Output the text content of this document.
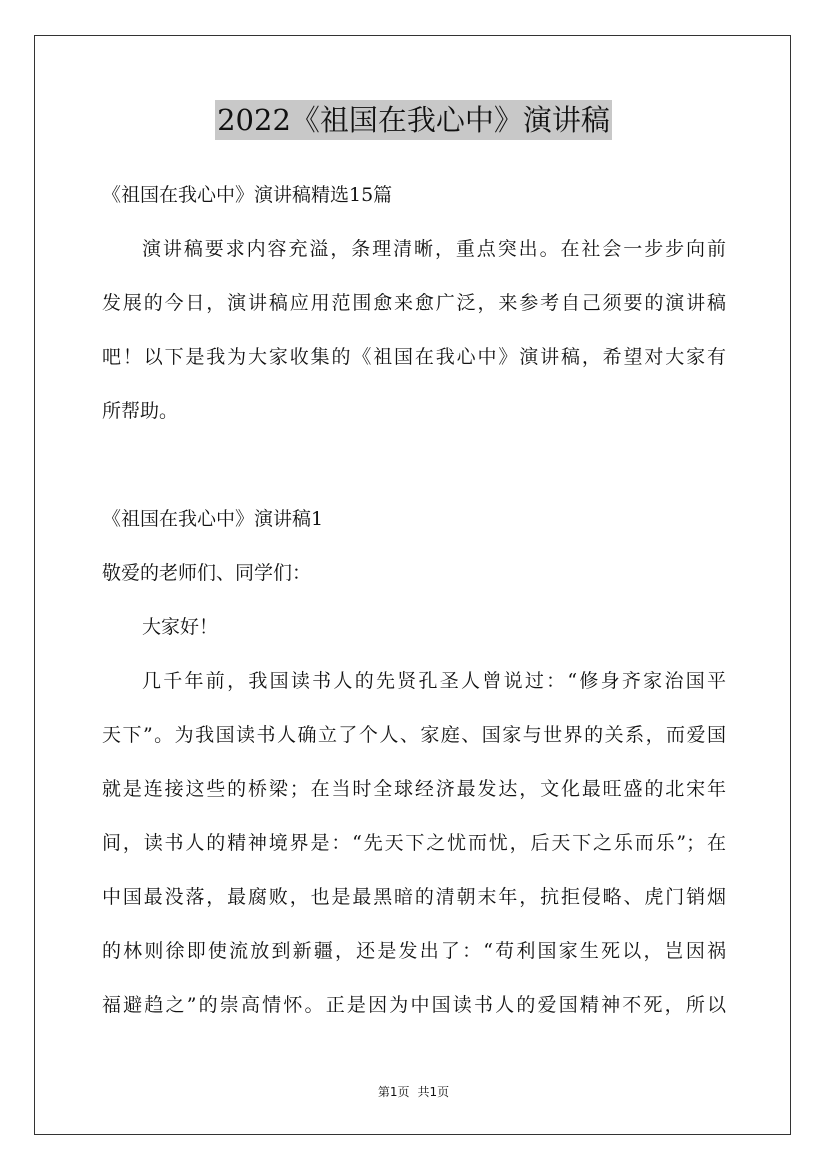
2022《祖国在我心中》演讲稿
《祖国在我心中》演讲稿精选15篇
演讲稿要求内容充溢，条理清晰，重点突出。在社会一步步向前
发展的今日，演讲稿应用范围愈来愈广泛，来参考自己须要的演讲稿
吧！以下是我为大家收集的《祖国在我心中》演讲稿，希望对大家有
所帮助。
《祖国在我心中》演讲稿1
敬爱的老师们、同学们：
大家好！
几千年前，我国读书人的先贤孔圣人曾说过：“修身齐家治国平
天下”。为我国读书人确立了个人、家庭、国家与世界的关系，而爱国
就是连接这些的桥梁；在当时全球经济最发达，文化最旺盛的北宋年
间，读书人的精神境界是：“先天下之忧而忧，后天下之乐而乐”；在
中国最没落，最腐败，也是最黑暗的清朝末年，抗拒侵略、虎门销烟
的林则徐即使流放到新疆，还是发出了：“苟利国家生死以，岂因祸
福避趋之”的崇高情怀。正是因为中国读书人的爱国精神不死，所以
第1页 共1页
